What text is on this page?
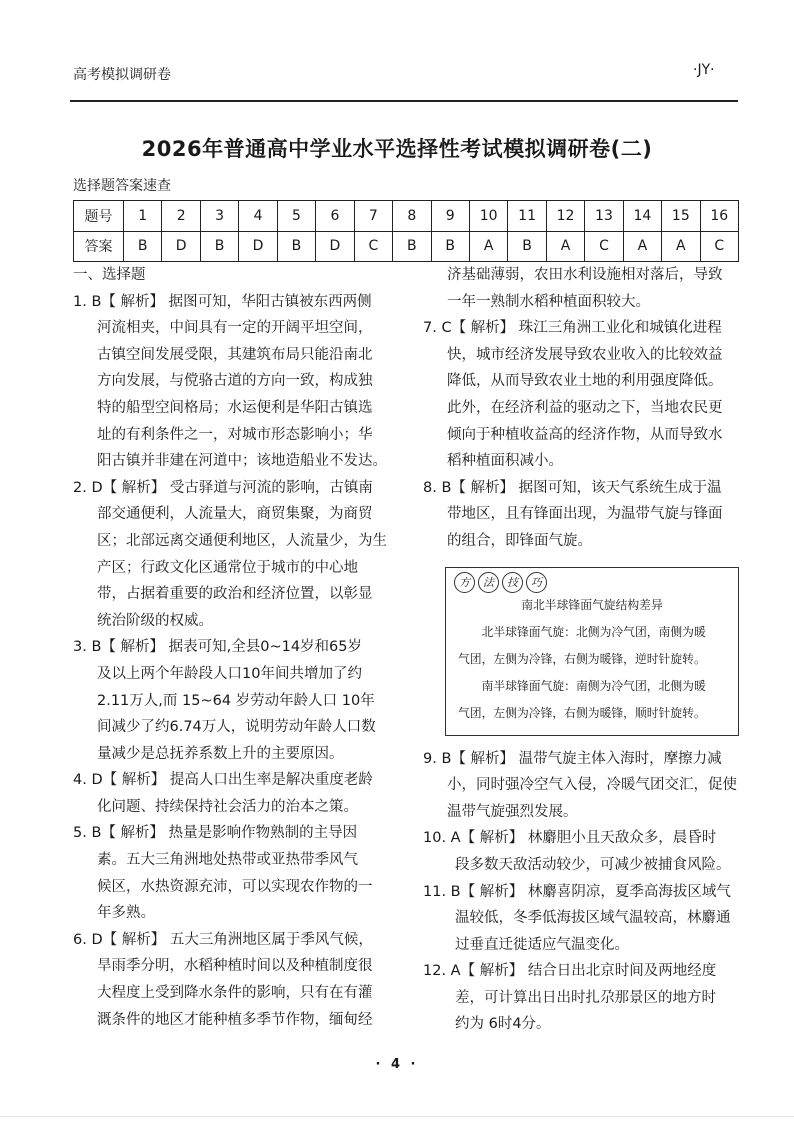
高考模拟调研卷	·JY·
2026年普通高中学业水平选择性考试模拟调研卷(二)
选择题答案速查
题号	1	2	3	4	5	6	7	8	9	10	11	12	13	14	15	16
答案	B	D	B	D	B	D	C	B	B	A	B	A	C	A	A	C

一、选择题

1. B【 解析】 据图可知，华阳古镇被东西两侧

河流相夹，中间具有一定的开阔平坦空间，

古镇空间发展受限，其建筑布局只能沿南北

方向发展，与傥骆古道的方向一致，构成独

特的船型空间格局；水运便利是华阳古镇选

址的有利条件之一，对城市形态影响小；华

阳古镇并非建在河道中；该地造船业不发达。

2. D【 解析】 受古驿道与河流的影响，古镇南

部交通便利，人流量大，商贸集聚，为商贸

区；北部远离交通便利地区，人流量少，为生

产区；行政文化区通常位于城市的中心地

带，占据着重要的政治和经济位置，以彰显

统治阶级的权威。

3. B【 解析】 据表可知,全县0~14岁和65岁

及以上两个年龄段人口10年间共增加了约

2.11万人,而 15~64 岁劳动年龄人口 10年

间减少了约6.74万人，说明劳动年龄人口数

量减少是总抚养系数上升的主要原因。

4. D【 解析】 提高人口出生率是解决重度老龄

化问题、持续保持社会活力的治本之策。

5. B【 解析】 热量是影响作物熟制的主导因

素。五大三角洲地处热带或亚热带季风气

候区，水热资源充沛，可以实现农作物的一

年多熟。

6. D【 解析】 五大三角洲地区属于季风气候，

旱雨季分明，水稻种植时间以及种植制度很

大程度上受到降水条件的影响，只有在有灌

溉条件的地区才能种植多季节作物，缅甸经

济基础薄弱，农田水利设施相对落后，导致

一年一熟制水稻种植面积较大。

7. C【 解析】 珠江三角洲工业化和城镇化进程

快，城市经济发展导致农业收入的比较效益

降低，从而导致农业土地的利用强度降低。

此外，在经济利益的驱动之下，当地农民更

倾向于种植收益高的经济作物，从而导致水

稻种植面积减小。

8. B【 解析】 据图可知，该天气系统生成于温

带地区，且有锋面出现，为温带气旋与锋面

的组合，即锋面气旋。

方	法	技	巧
南北半球锋面气旋结构差异
北半球锋面气旋：北侧为冷气团，南侧为暖
气团，左侧为冷锋，右侧为暖锋，逆时针旋转。
南半球锋面气旋：南侧为冷气团，北侧为暖
气团，左侧为冷锋，右侧为暖锋，顺时针旋转。

9. B【 解析】 温带气旋主体入海时，摩擦力减

小，同时强冷空气入侵，冷暖气团交汇，促使

温带气旋强烈发展。

10. A【 解析】 林麝胆小且天敌众多，晨昏时

段多数天敌活动较少，可减少被捕食风险。

11. B【 解析】 林麝喜阴凉，夏季高海拔区域气

温较低，冬季低海拔区域气温较高，林麝通

过垂直迁徙适应气温变化。

12. A【 解析】 结合日出北京时间及两地经度

差，可计算出日出时扎尕那景区的地方时

约为 6时4分。

· 4 ·
